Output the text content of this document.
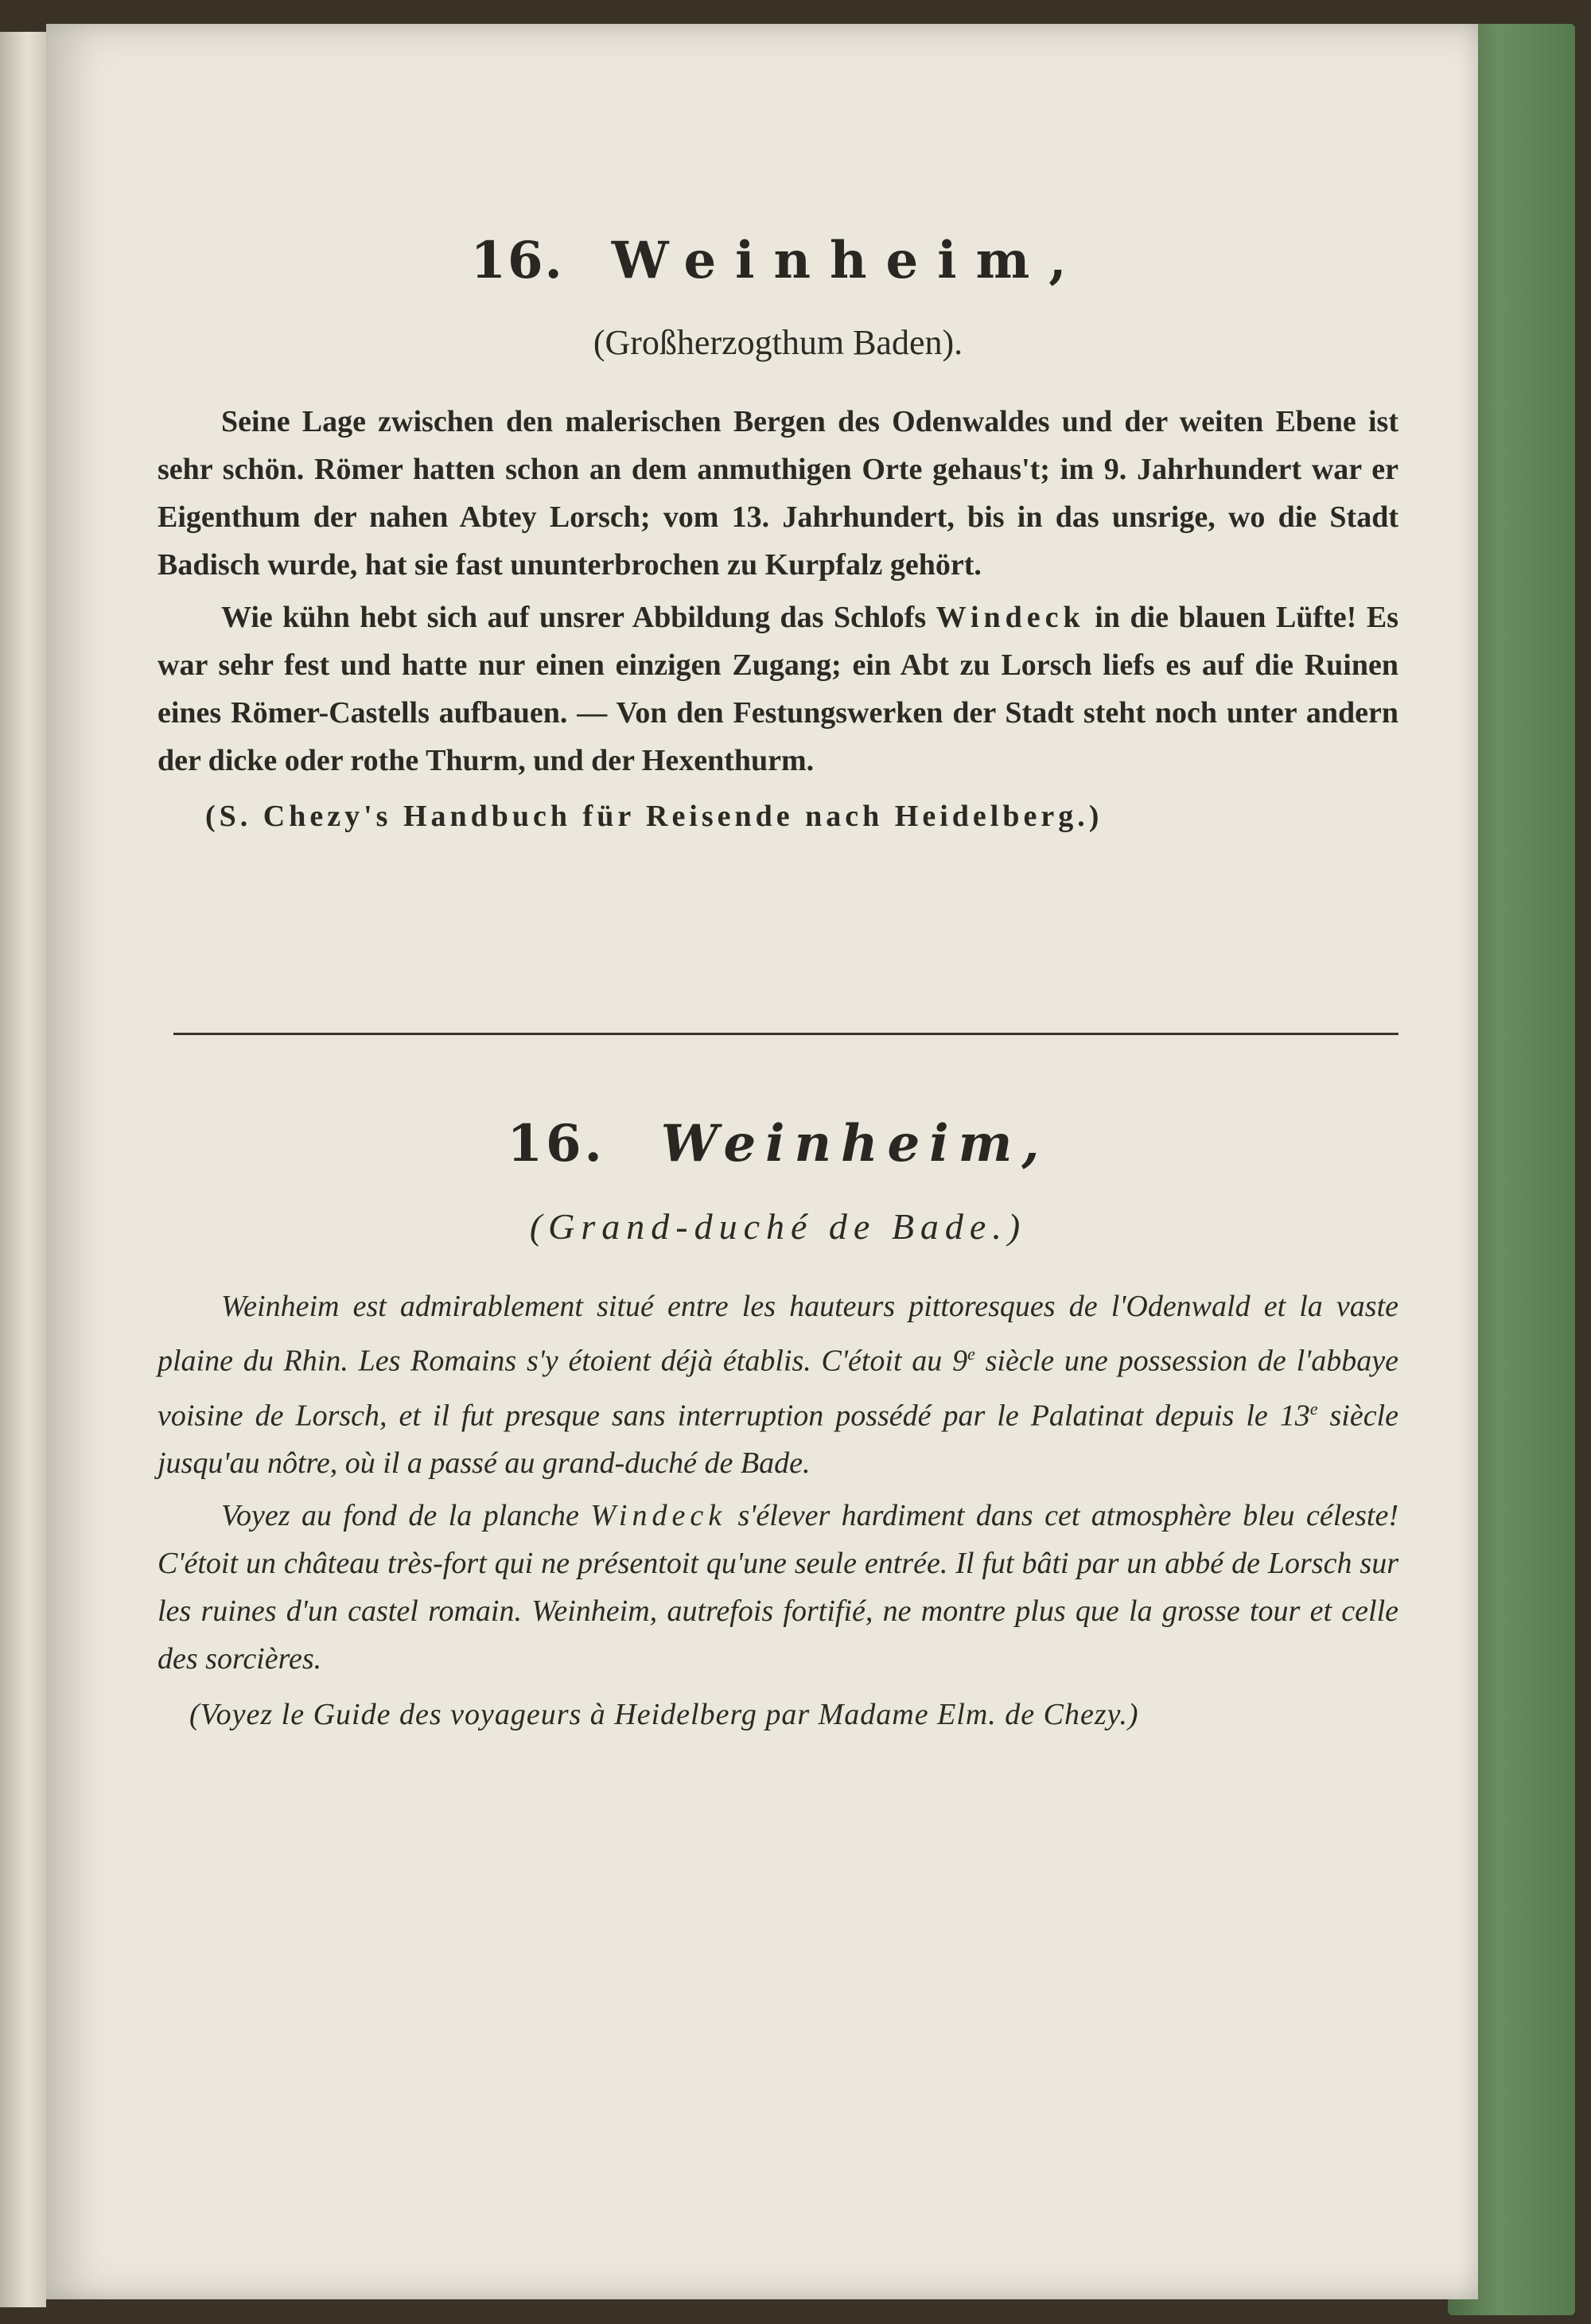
16. Weinheim,
(Großherzogthum Baden).

Seine Lage zwischen den malerischen Bergen des Odenwaldes und der weiten Ebene ist sehr schön. Römer hatten schon an dem anmuthigen Orte gehaus't; im 9. Jahrhundert war er Eigenthum der nahen Abtey Lorsch; vom 13. Jahrhundert, bis in das unsrige, wo die Stadt Badisch wurde, hat sie fast ununterbrochen zu Kurpfalz gehört.

Wie kühn hebt sich auf unsrer Abbildung das Schlofs Windeck in die blauen Lüfte! Es war sehr fest und hatte nur einen einzigen Zugang; ein Abt zu Lorsch liefs es auf die Ruinen eines Römer-Castells aufbauen. — Von den Festungswerken der Stadt steht noch unter andern der dicke oder rothe Thurm, und der Hexenthurm.

(S. Chezy's Handbuch für Reisende nach Heidelberg.)
16. Weinheim,
(Grand-duché de Bade.)

Weinheim est admirablement situé entre les hauteurs pittoresques de l'Odenwald et la vaste plaine du Rhin. Les Romains s'y étoient déjà établis. C'étoit au 9e siècle une possession de l'abbaye voisine de Lorsch, et il fut presque sans interruption possédé par le Palatinat depuis le 13e siècle jusqu'au nôtre, où il a passé au grand-duché de Bade.

Voyez au fond de la planche Windeck s'élever hardiment dans cet atmosphère bleu céleste! C'étoit un château très-fort qui ne présentoit qu'une seule entrée. Il fut bâti par un abbé de Lorsch sur les ruines d'un castel romain. Weinheim, autrefois fortifié, ne montre plus que la grosse tour et celle des sorcières.

(Voyez le Guide des voyageurs à Heidelberg par Madame Elm. de Chezy.)
